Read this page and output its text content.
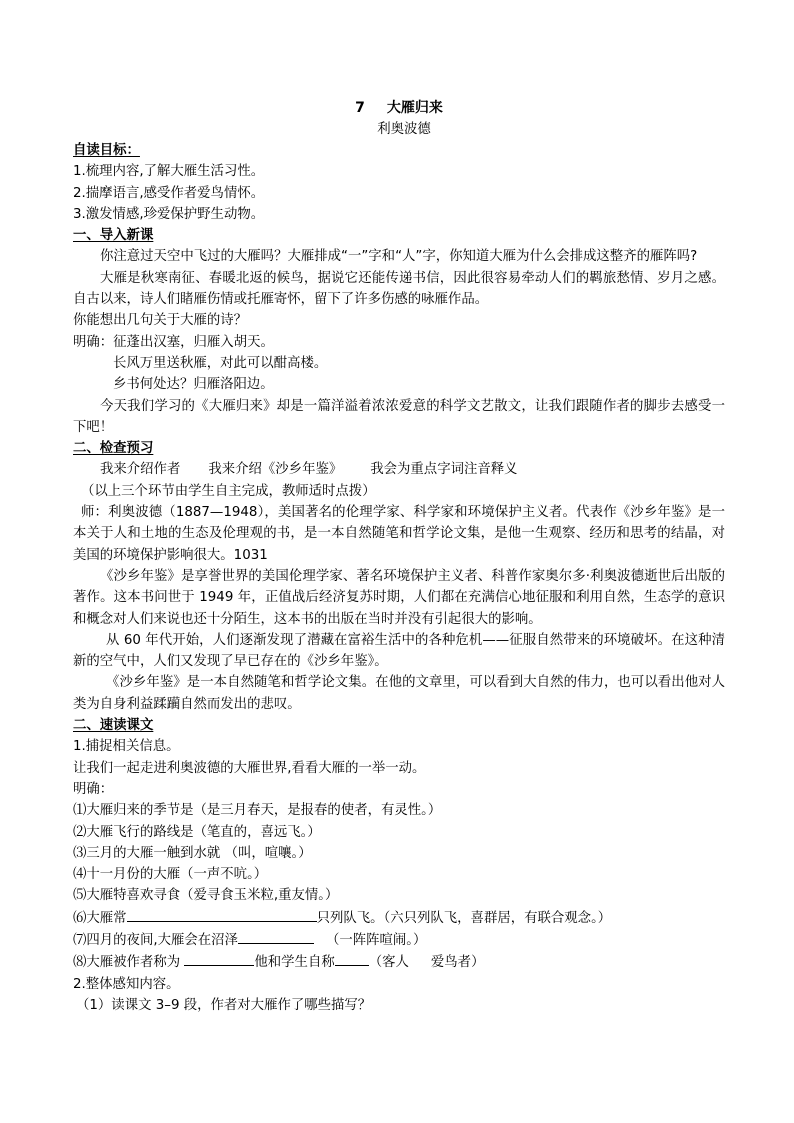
7 大雁归来
利奥波德
自读目标：
1.梳理内容,了解大雁生活习性。
2.揣摩语言,感受作者爱鸟情怀。
3.激发情感,珍爱保护野生动物。
一、导入新课
你注意过天空中飞过的大雁吗？大雁排成“一”字和“人”字，你知道大雁为什么会排成这整齐的雁阵吗?
大雁是秋寒南征、春暖北返的候鸟，据说它还能传递书信，因此很容易牵动人们的羁旅愁情、岁月之感。自古以来，诗人们睹雁伤情或托雁寄怀，留下了许多伤感的咏雁作品。
你能想出几句关于大雁的诗？
明确：征蓬出汉塞，归雁入胡天。
长风万里送秋雁，对此可以酣高楼。
乡书何处达？归雁洛阳边。
今天我们学习的《大雁归来》却是一篇洋溢着浓浓爱意的科学文艺散文，让我们跟随作者的脚步去感受一下吧！
二、检查预习
我来介绍作者 我来介绍《沙乡年鉴》 我会为重点字词注音释义
（以上三个环节由学生自主完成，教师适时点拨）
师：利奥波德（1887—1948），美国著名的伦理学家、科学家和环境保护主义者。代表作《沙乡年鉴》是一本关于人和土地的生态及伦理观的书，是一本自然随笔和哲学论文集，是他一生观察、经历和思考的结晶，对美国的环境保护影响很大。1031
《沙乡年鉴》是享誉世界的美国伦理学家、著名环境保护主义者、科普作家奥尔多·利奥波德逝世后出版的著作。这本书问世于 1949 年，正值战后经济复苏时期，人们都在充满信心地征服和利用自然，生态学的意识和概念对人们来说也还十分陌生，这本书的出版在当时并没有引起很大的影响。
从 60 年代开始，人们逐渐发现了潜藏在富裕生活中的各种危机——征服自然带来的环境破坏。在这种清新的空气中，人们又发现了早已存在的《沙乡年鉴》。
《沙乡年鉴》是一本自然随笔和哲学论文集。在他的文章里，可以看到大自然的伟力，也可以看出他对人类为自身利益蹂躏自然而发出的悲叹。
二、速读课文
1.捕捉相关信息。
让我们一起走进利奥波德的大雁世界,看看大雁的一举一动。
明确：
⑴大雁归来的季节是（是三月春天，是报春的使者，有灵性。）
⑵大雁飞行的路线是（笔直的，喜远飞。）
⑶三月的大雁一触到水就 （叫，喧嚷。）
⑷十一月份的大雁（一声不吭。）
⑸大雁特喜欢寻食（爱寻食玉米粒,重友情。）
⑹大雁常	只列队飞。（六只列队飞，喜群居，有联合观念。）
⑺四月的夜间,大雁会在沼泽	（一阵阵喧闹。）
⑻大雁被作者称为	他和学生自称	（客人 爱鸟者）
2.整体感知内容。
（1）读课文 3–9 段，作者对大雁作了哪些描写？
